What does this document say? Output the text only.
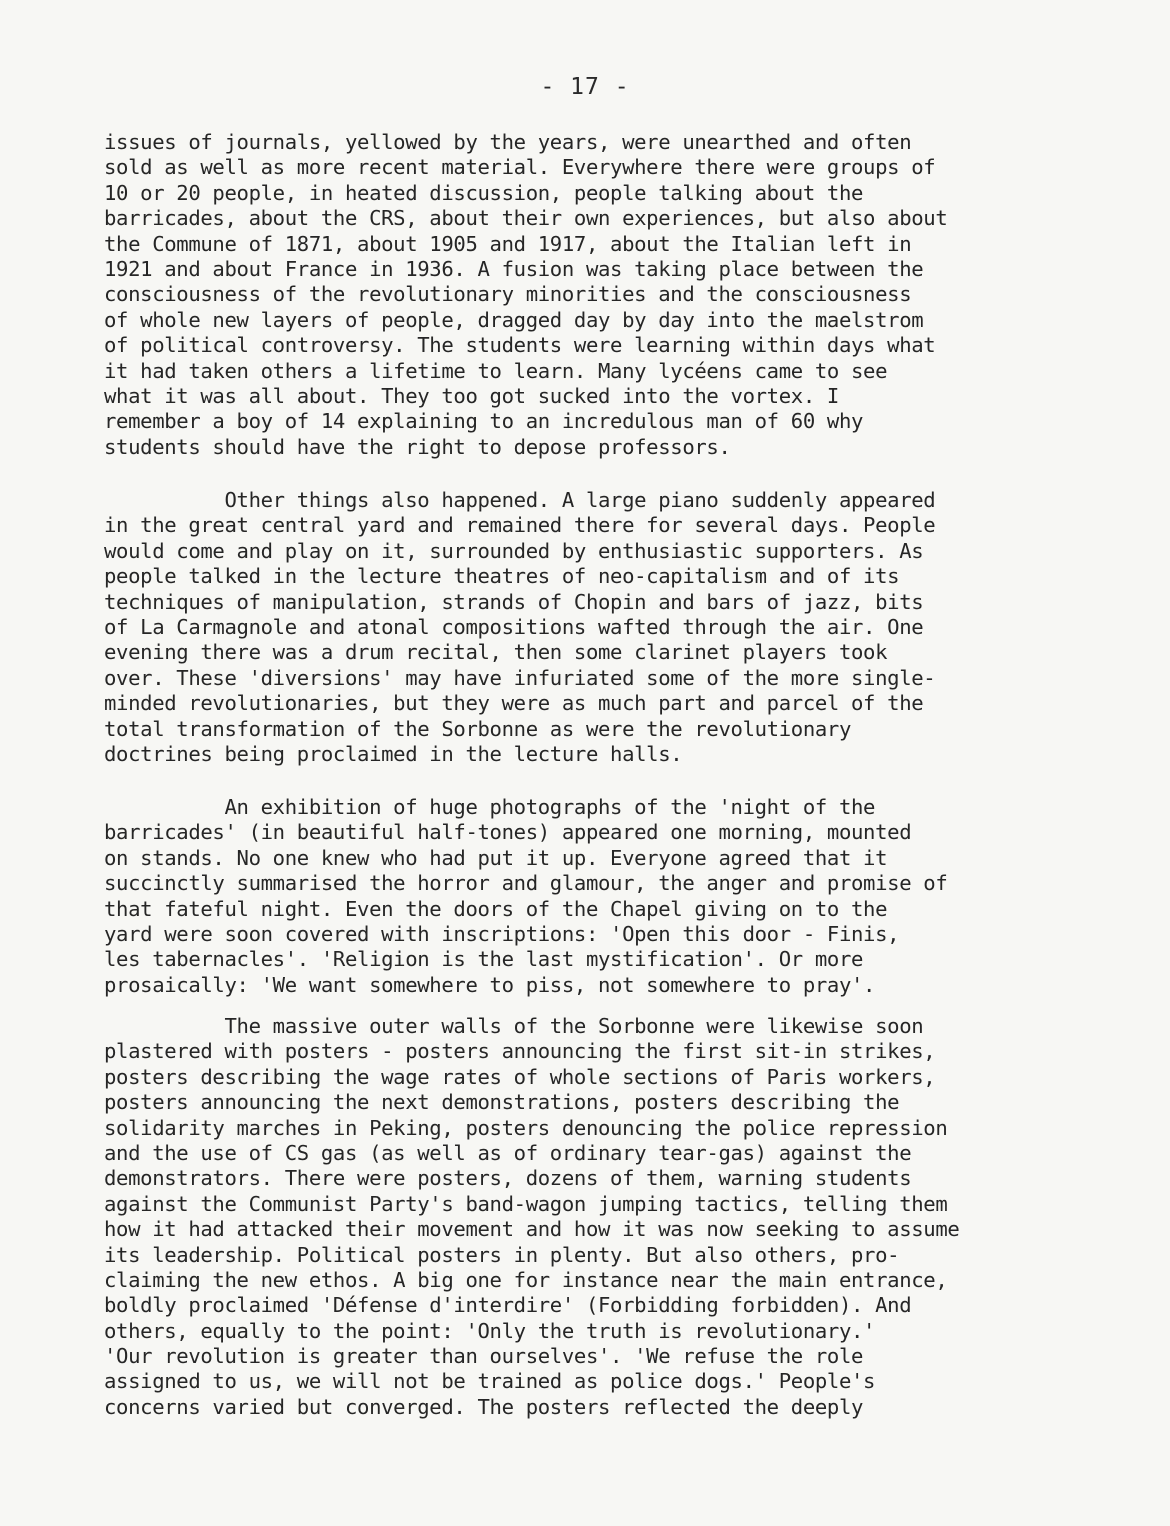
- 17 -
issues of journals, yellowed by the years, were unearthed and often
sold as well as more recent material. Everywhere there were groups of
10 or 20 people, in heated discussion, people talking about the
barricades, about the CRS, about their own experiences, but also about
the Commune of 1871, about 1905 and 1917, about the Italian left in
1921 and about France in 1936. A fusion was taking place between the
consciousness of the revolutionary minorities and the consciousness
of whole new layers of people, dragged day by day into the maelstrom
of political controversy. The students were learning within days what
it had taken others a lifetime to learn. Many lycéens came to see
what it was all about. They too got sucked into the vortex. I
remember a boy of 14 explaining to an incredulous man of 60 why
students should have the right to depose professors.
Other things also happened. A large piano suddenly appeared
in the great central yard and remained there for several days. People
would come and play on it, surrounded by enthusiastic supporters. As
people talked in the lecture theatres of neo-capitalism and of its
techniques of manipulation, strands of Chopin and bars of jazz, bits
of La Carmagnole and atonal compositions wafted through the air. One
evening there was a drum recital, then some clarinet players took
over. These 'diversions' may have infuriated some of the more single-
minded revolutionaries, but they were as much part and parcel of the
total transformation of the Sorbonne as were the revolutionary
doctrines being proclaimed in the lecture halls.
An exhibition of huge photographs of the 'night of the
barricades' (in beautiful half-tones) appeared one morning, mounted
on stands. No one knew who had put it up. Everyone agreed that it
succinctly summarised the horror and glamour, the anger and promise of
that fateful night. Even the doors of the Chapel giving on to the
yard were soon covered with inscriptions: 'Open this door - Finis,
les tabernacles'. 'Religion is the last mystification'. Or more
prosaically: 'We want somewhere to piss, not somewhere to pray'.
The massive outer walls of the Sorbonne were likewise soon
plastered with posters - posters announcing the first sit-in strikes,
posters describing the wage rates of whole sections of Paris workers,
posters announcing the next demonstrations, posters describing the
solidarity marches in Peking, posters denouncing the police repression
and the use of CS gas (as well as of ordinary tear-gas) against the
demonstrators. There were posters, dozens of them, warning students
against the Communist Party's band-wagon jumping tactics, telling them
how it had attacked their movement and how it was now seeking to assume
its leadership. Political posters in plenty. But also others, pro-
claiming the new ethos. A big one for instance near the main entrance,
boldly proclaimed 'Défense d'interdire' (Forbidding forbidden). And
others, equally to the point: 'Only the truth is revolutionary.'
'Our revolution is greater than ourselves'. 'We refuse the role
assigned to us, we will not be trained as police dogs.' People's
concerns varied but converged. The posters reflected the deeply
